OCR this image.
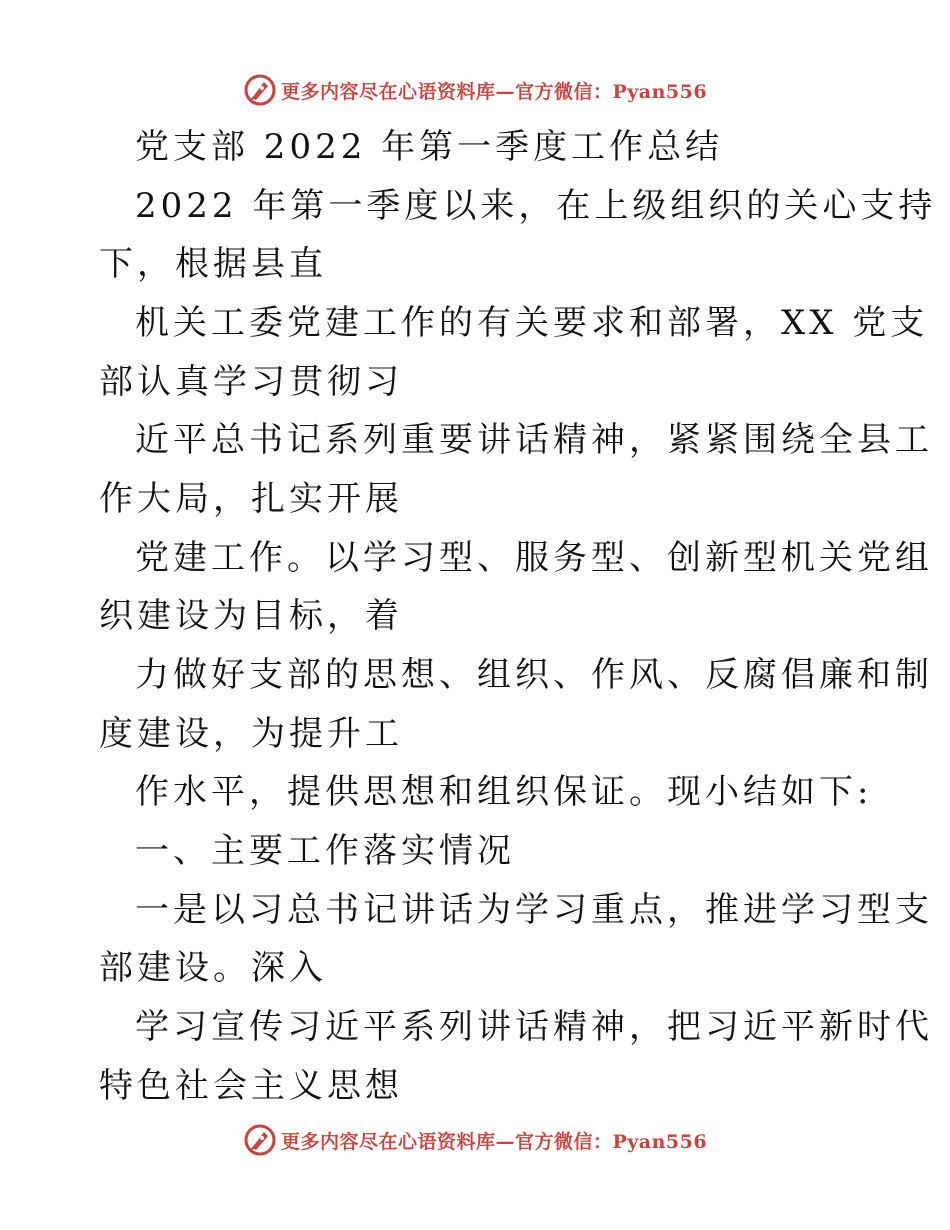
更多内容尽在心语资料库—官方微信：Pyan556
党支部 2022 年第一季度工作总结
2022 年第一季度以来，在上级组织的关心支持
下，根据县直
机关工委党建工作的有关要求和部署，XX 党支
部认真学习贯彻习
近平总书记系列重要讲话精神，紧紧围绕全县工
作大局，扎实开展
党建工作。以学习型、服务型、创新型机关党组
织建设为目标，着
力做好支部的思想、组织、作风、反腐倡廉和制
度建设，为提升工
作水平，提供思想和组织保证。现小结如下:
一、主要工作落实情况
一是以习总书记讲话为学习重点，推进学习型支
部建设。深入
学习宣传习近平系列讲话精神，把习近平新时代
特色社会主义思想
更多内容尽在心语资料库—官方微信：Pyan556
